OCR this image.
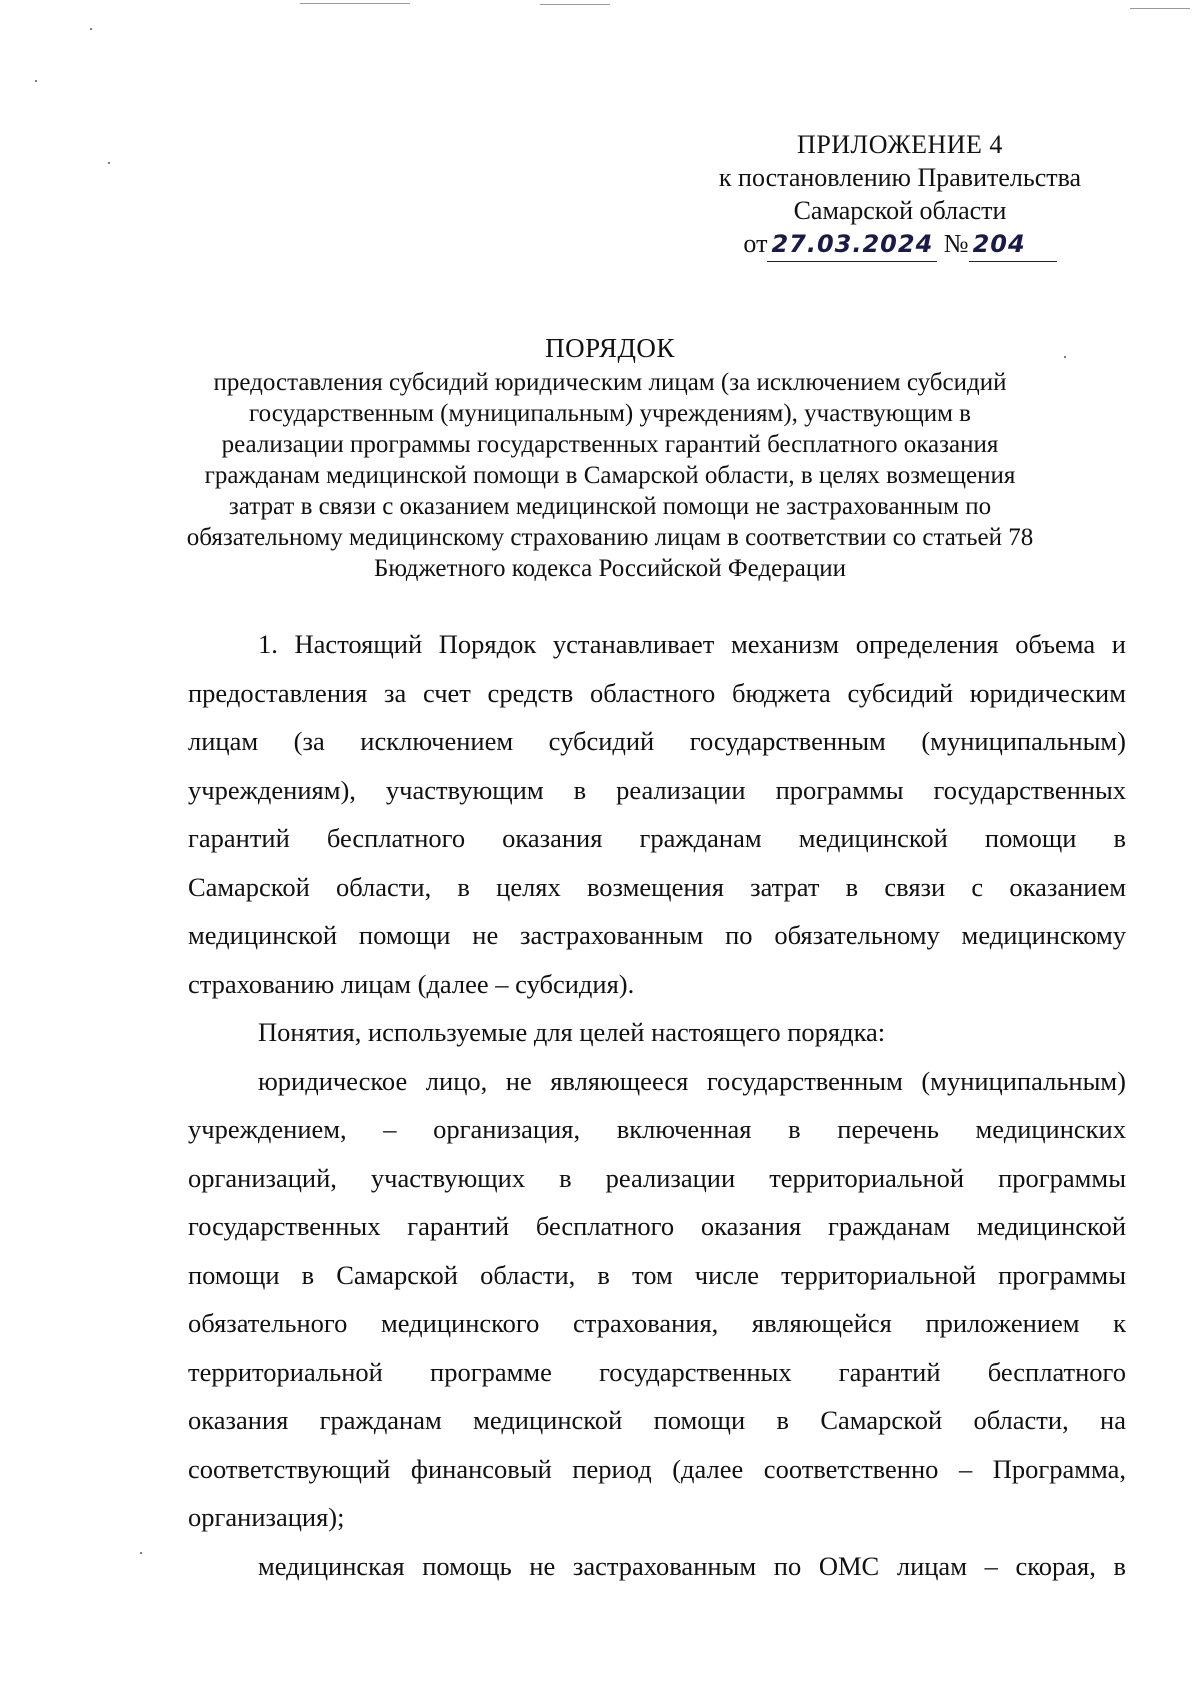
ПРИЛОЖЕНИЕ 4
к постановлению Правительства
Самарской области
от 27.03.2024 № 204
ПОРЯДОК
предоставления субсидий юридическим лицам (за исключением субсидий
государственным (муниципальным) учреждениям), участвующим в
реализации программы государственных гарантий бесплатного оказания
гражданам медицинской помощи в Самарской области, в целях возмещения
затрат в связи с оказанием медицинской помощи не застрахованным по
обязательному медицинскому страхованию лицам в соответствии со статьей 78
Бюджетного кодекса Российской Федерации

1. Настоящий Порядок устанавливает механизм определения объема и
предоставления за счет средств областного бюджета субсидий юридическим
лицам (за исключением субсидий государственным (муниципальным)
учреждениям), участвующим в реализации программы государственных
гарантий бесплатного оказания гражданам медицинской помощи в
Самарской области, в целях возмещения затрат в связи с оказанием
медицинской помощи не застрахованным по обязательному медицинскому
страхованию лицам (далее – субсидия).

Понятия, используемые для целей настоящего порядка:

юридическое лицо, не являющееся государственным (муниципальным)
учреждением, – организация, включенная в перечень медицинских
организаций, участвующих в реализации территориальной программы
государственных гарантий бесплатного оказания гражданам медицинской
помощи в Самарской области, в том числе территориальной программы
обязательного медицинского страхования, являющейся приложением к
территориальной программе государственных гарантий бесплатного
оказания гражданам медицинской помощи в Самарской области, на
соответствующий финансовый период (далее соответственно – Программа,
организация);

медицинская помощь не застрахованным по ОМС лицам – скорая, в
